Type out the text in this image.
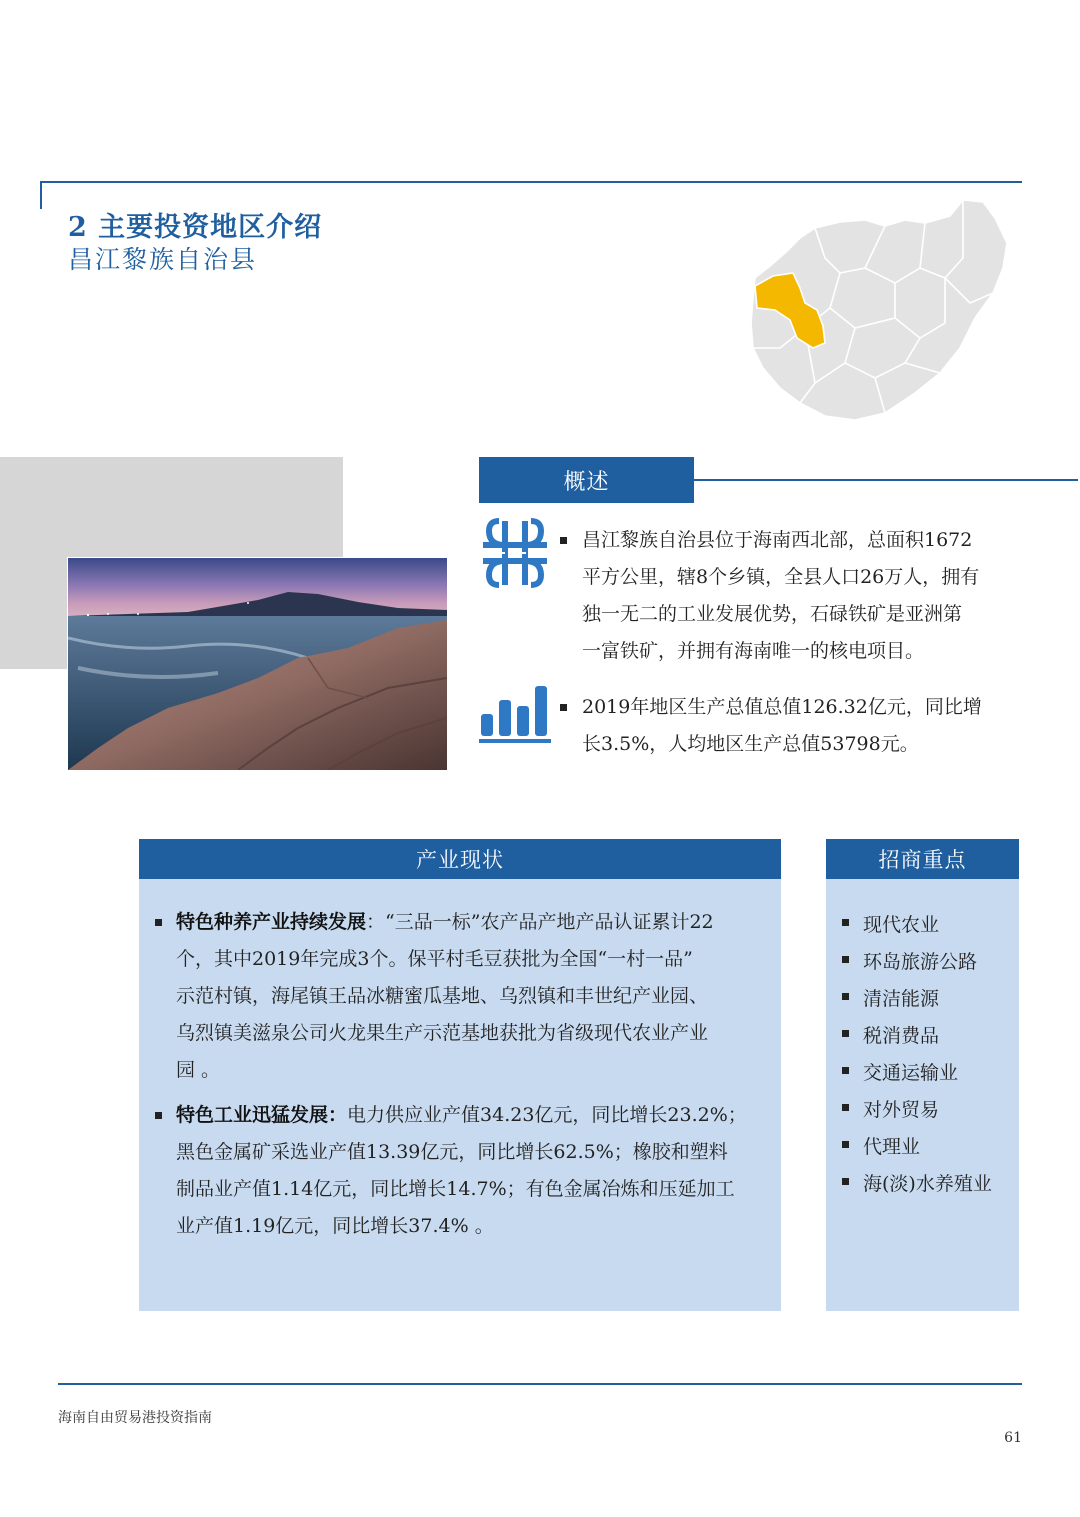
2 主要投资地区介绍
昌江黎族自治县
概述
昌江黎族自治县位于海南西北部，总面积1672
平方公里，辖8个乡镇，全县人口26万人，拥有
独一无二的工业发展优势，石碌铁矿是亚洲第
一富铁矿，并拥有海南唯一的核电项目。
2019年地区生产总值总值126.32亿元，同比增
长3.5%，人均地区生产总值53798元。
产业现状
特色种养产业持续发展：“三品一标”农产品产地产品认证累计22
个，其中2019年完成3个。保平村毛豆获批为全国“一村一品”
示范村镇，海尾镇王品冰糖蜜瓜基地、乌烈镇和丰世纪产业园、
乌烈镇美滋泉公司火龙果生产示范基地获批为省级现代农业产业
园 。
特色工业迅猛发展：电力供应业产值34.23亿元，同比增长23.2%；
黑色金属矿采选业产值13.39亿元，同比增长62.5%；橡胶和塑料
制品业产值1.14亿元，同比增长14.7%；有色金属冶炼和压延加工
业产值1.19亿元，同比增长37.4% 。
招商重点
现代农业
环岛旅游公路
清洁能源
税消费品
交通运输业
对外贸易
代理业
海(淡)水养殖业
海南自由贸易港投资指南
61
